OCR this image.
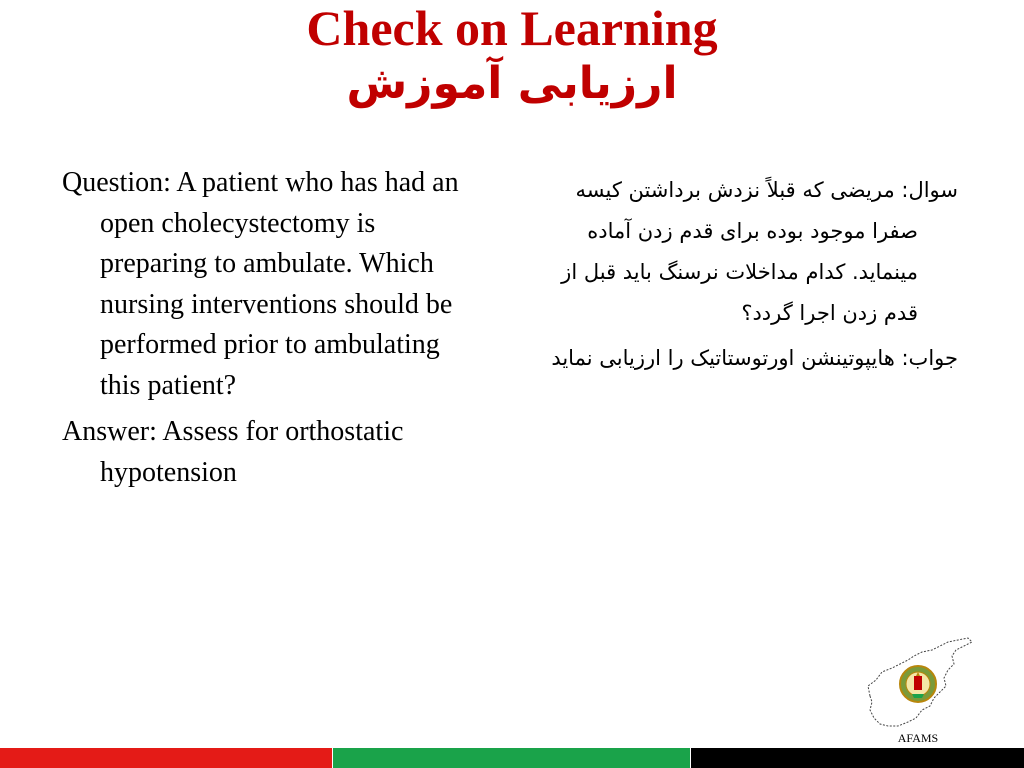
Check on Learning
ارزیابی آموزش

Question: A patient who has had an open cholecystectomy is preparing to ambulate. Which nursing interventions should be performed prior to ambulating this patient?

Answer: Assess for orthostatic hypotension

سوال: مریضی که قبلاً نزدش برداشتن کیسه صفرا موجود بوده برای قدم زدن آماده مینماید. کدام مداخلات نرسنگ باید قبل از قدم زدن اجرا گردد؟

جواب: هایپوتینشن اورتوستاتیک را ارزیابی نماید

AFAMS
